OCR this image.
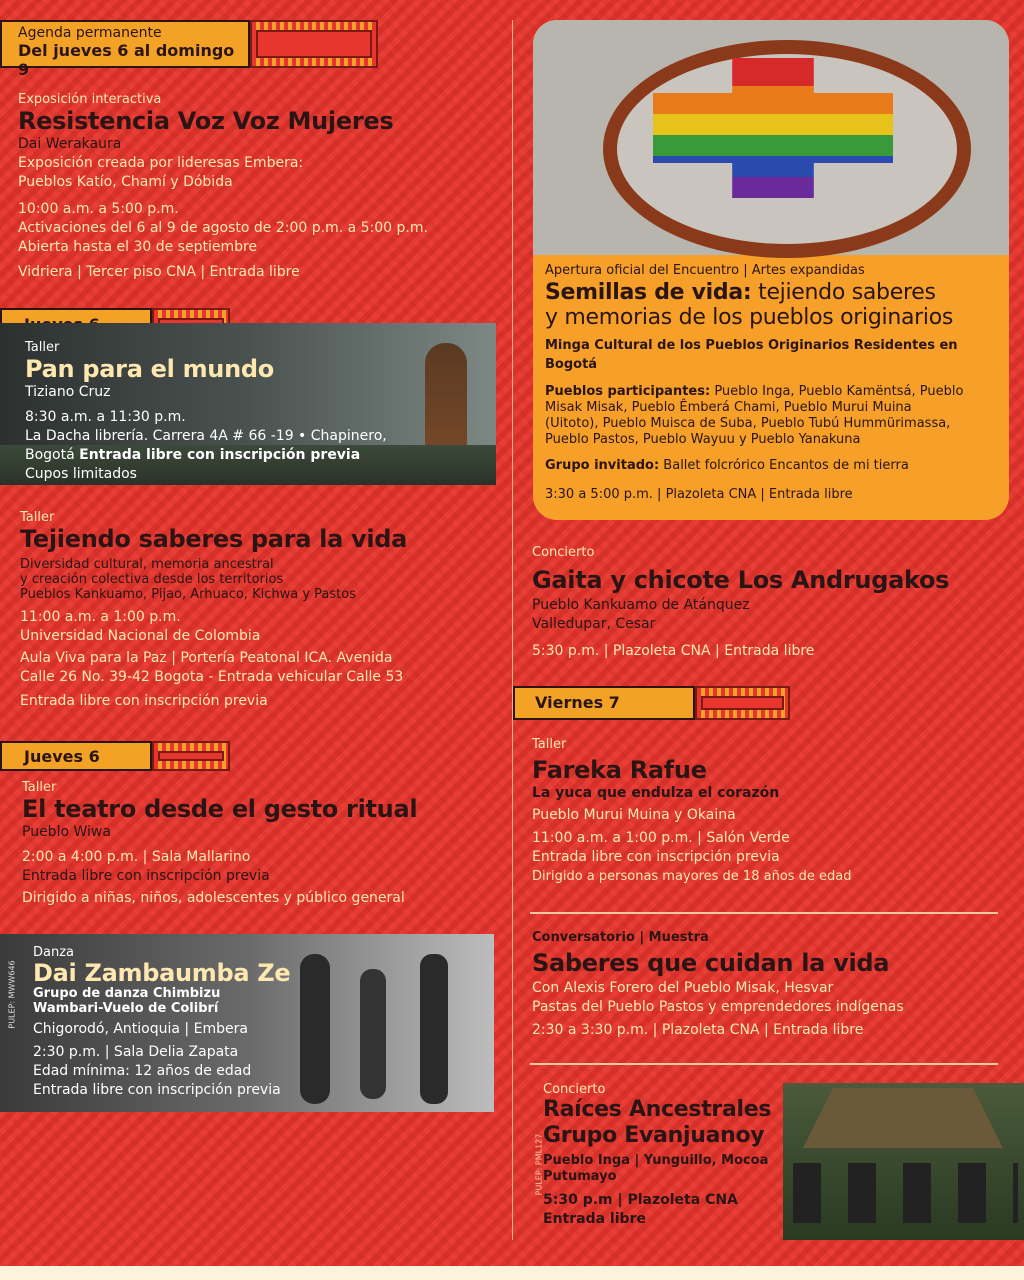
Agenda permanente
Del jueves 6 al domingo 9
Exposición interactiva
Resistencia Voz Voz Mujeres
Dai Werakaura
Exposición creada por lideresas Embera:
Pueblos Katío, Chamí y Dóbida
10:00 a.m. a 5:00 p.m.
Activaciones del 6 al 9 de agosto de 2:00 p.m. a 5:00 p.m.
Abierta hasta el 30 de septiembre
Vidriera | Tercer piso CNA | Entrada libre
Taller
Pan para el mundo
Tiziano Cruz
8:30 a.m. a 11:30 p.m.
La Dacha librería. Carrera 4A # 66 -19 • Chapinero,
Bogotá Entrada libre con inscripción previa
Cupos limitados
Taller
Tejiendo saberes para la vida
Diversidad cultural, memoria ancestral
y creación colectiva desde los territorios
Pueblos Kankuamo, Pijao, Arhuaco, Kichwa y Pastos
11:00 a.m. a 1:00 p.m.
Universidad Nacional de Colombia
Aula Viva para la Paz | Portería Peatonal ICA. Avenida
Calle 26 No. 39-42 Bogota - Entrada vehicular Calle 53
Entrada libre con inscripción previa
Jueves 6
Taller
El teatro desde el gesto ritual
Pueblo Wiwa
2:00 a 4:00 p.m. | Sala Mallarino
Entrada libre con inscripción previa
Dirigido a niñas, niños, adolescentes y público general
PULEP: MWW646
Danza
Dai Zambaumba Ze
Grupo de danza Chimbizu
Wambari-Vuelo de Colibrí
Chigorodó, Antioquia | Embera
2:30 p.m. | Sala Delia Zapata
Edad mínima: 12 años de edad
Entrada libre con inscripción previa
Apertura oficial del Encuentro | Artes expandidas
Semillas de vida: tejiendo saberes
y memorias de los pueblos originarios
Minga Cultural de los Pueblos Originarios Residentes en Bogotá
Pueblos participantes: Pueblo Inga, Pueblo Kamëntsá, Pueblo
Misak Misak, Pueblo Êmberá Chami, Pueblo Murui Muina
(Uitoto), Pueblo Muisca de Suba, Pueblo Tubú Hummürimassa,
Pueblo Pastos, Pueblo Wayuu y Pueblo Yanakuna
Grupo invitado: Ballet folcrórico Encantos de mi tierra
3:30 a 5:00 p.m. | Plazoleta CNA | Entrada libre
Concierto
Gaita y chicote Los Andrugakos
Pueblo Kankuamo de Atánquez
Valledupar, Cesar
5:30 p.m. | Plazoleta CNA | Entrada libre
Viernes 7
Taller
Fareka Rafue
La yuca que endulza el corazón
Pueblo Murui Muina y Okaina
11:00 a.m. a 1:00 p.m. | Salón Verde
Entrada libre con inscripción previa
Dirigido a personas mayores de 18 años de edad
Conversatorio | Muestra
Saberes que cuidan la vida
Con Alexis Forero del Pueblo Misak, Hesvar
Pastas del Pueblo Pastos y emprendedores indígenas
2:30 a 3:30 p.m. | Plazoleta CNA | Entrada libre
PULEP: PML127
Concierto
Raíces Ancestrales
Grupo Evanjuanoy
Pueblo Inga | Yunguillo, Mocoa
Putumayo
5:30 p.m | Plazoleta CNA
Entrada libre
